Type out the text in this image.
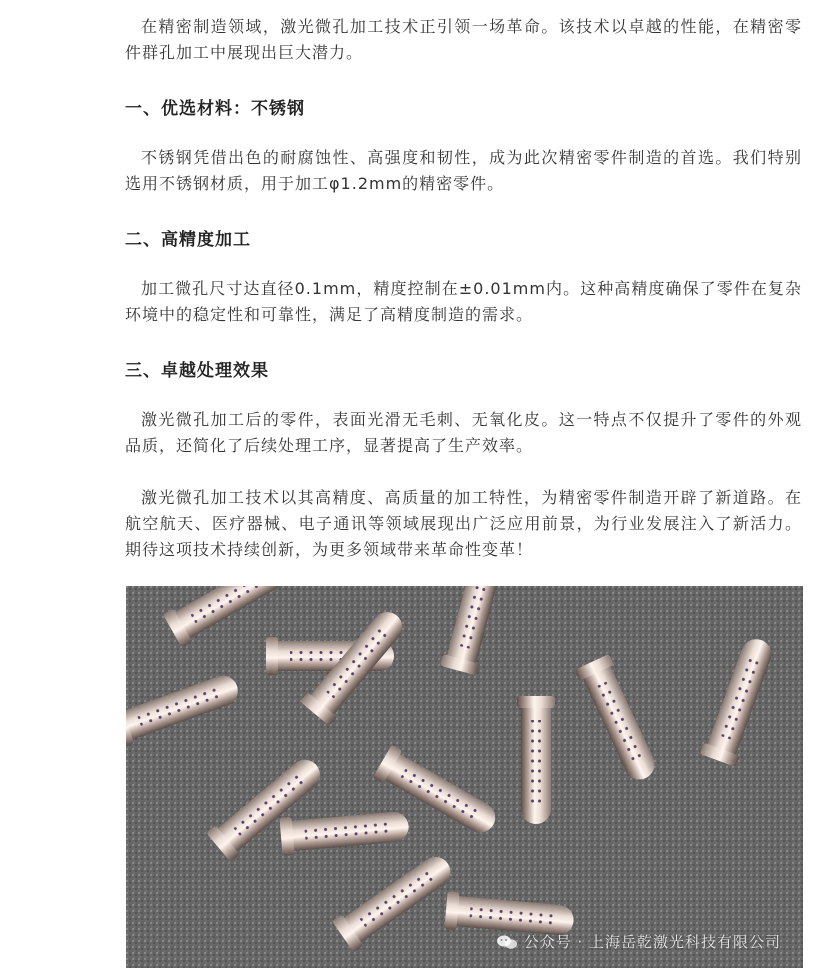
在精密制造领域，激光微孔加工技术正引领一场革命。该技术以卓越的性能，在精密零件群孔加工中展现出巨大潜力。

一、优选材料：不锈钢

不锈钢凭借出色的耐腐蚀性、高强度和韧性，成为此次精密零件制造的首选。我们特别选用不锈钢材质，用于加工φ1.2mm的精密零件。

二、高精度加工

加工微孔尺寸达直径0.1mm，精度控制在±0.01mm内。这种高精度确保了零件在复杂环境中的稳定性和可靠性，满足了高精度制造的需求。

三、卓越处理效果

激光微孔加工后的零件，表面光滑无毛刺、无氧化皮。这一特点不仅提升了零件的外观品质，还简化了后续处理工序，显著提高了生产效率。

激光微孔加工技术以其高精度、高质量的加工特性，为精密零件制造开辟了新道路。在航空航天、医疗器械、电子通讯等领域展现出广泛应用前景，为行业发展注入了新活力。期待这项技术持续创新，为更多领域带来革命性变革！

公众号 · 上海岳乾激光科技有限公司
